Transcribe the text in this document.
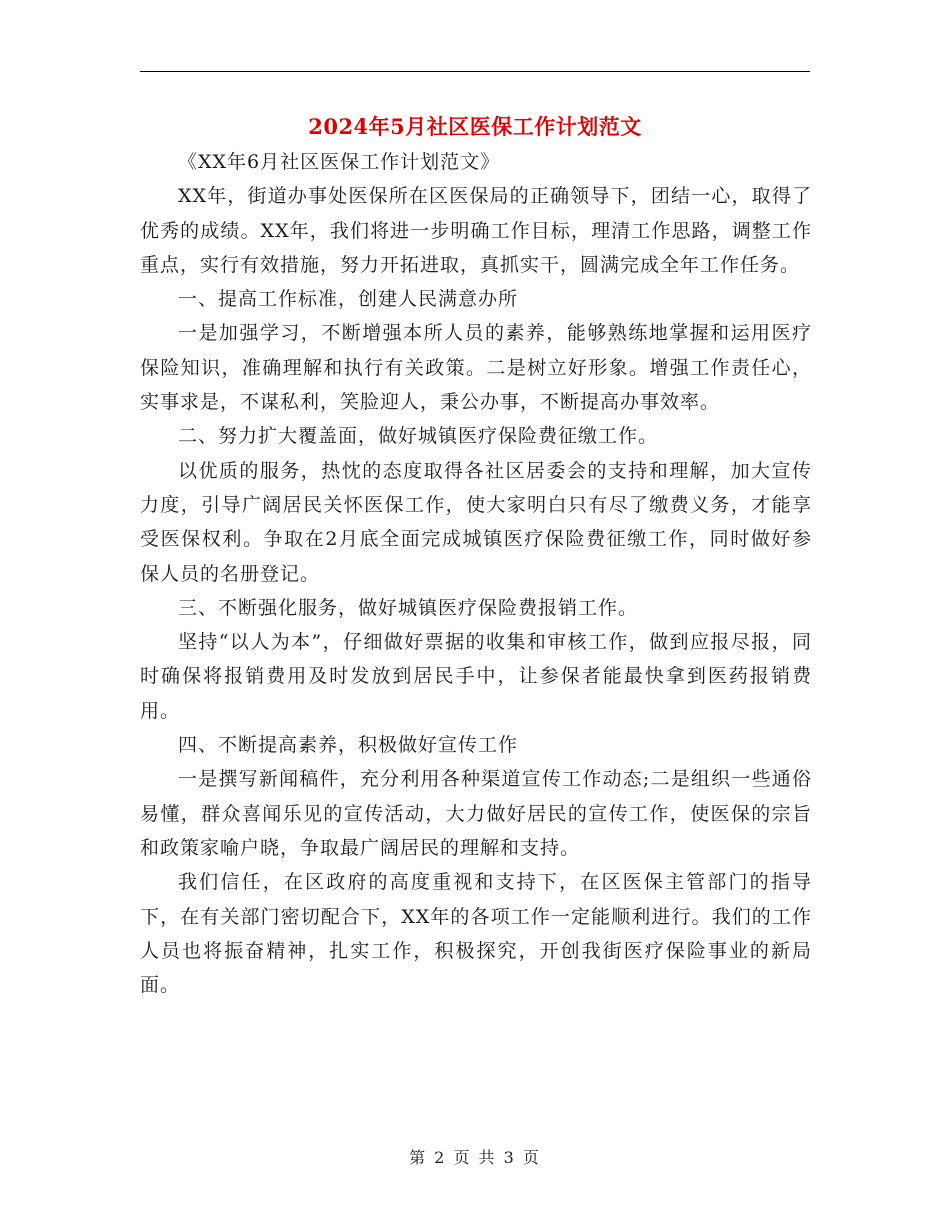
2024年5月社区医保工作计划范文

《XX年6月社区医保工作计划范文》

XX年，街道办事处医保所在区医保局的正确领导下，团结一心，取得了优秀的成绩。XX年，我们将进一步明确工作目标，理清工作思路，调整工作重点，实行有效措施，努力开拓进取，真抓实干，圆满完成全年工作任务。

一、提高工作标准，创建人民满意办所

一是加强学习，不断增强本所人员的素养，能够熟练地掌握和运用医疗保险知识，准确理解和执行有关政策。二是树立好形象。增强工作责任心，实事求是，不谋私利，笑脸迎人，秉公办事，不断提高办事效率。

二、努力扩大覆盖面，做好城镇医疗保险费征缴工作。

以优质的服务，热忱的态度取得各社区居委会的支持和理解，加大宣传力度，引导广阔居民关怀医保工作，使大家明白只有尽了缴费义务，才能享受医保权利。争取在2月底全面完成城镇医疗保险费征缴工作，同时做好参保人员的名册登记。

三、不断强化服务，做好城镇医疗保险费报销工作。

坚持“以人为本”，仔细做好票据的收集和审核工作，做到应报尽报，同时确保将报销费用及时发放到居民手中，让参保者能最快拿到医药报销费用。

四、不断提高素养，积极做好宣传工作

一是撰写新闻稿件，充分利用各种渠道宣传工作动态;二是组织一些通俗易懂，群众喜闻乐见的宣传活动，大力做好居民的宣传工作，使医保的宗旨和政策家喻户晓，争取最广阔居民的理解和支持。

我们信任，在区政府的高度重视和支持下，在区医保主管部门的指导下，在有关部门密切配合下，XX年的各项工作一定能顺利进行。我们的工作人员也将振奋精神，扎实工作，积极探究，开创我街医疗保险事业的新局面。

第 2 页 共 3 页
